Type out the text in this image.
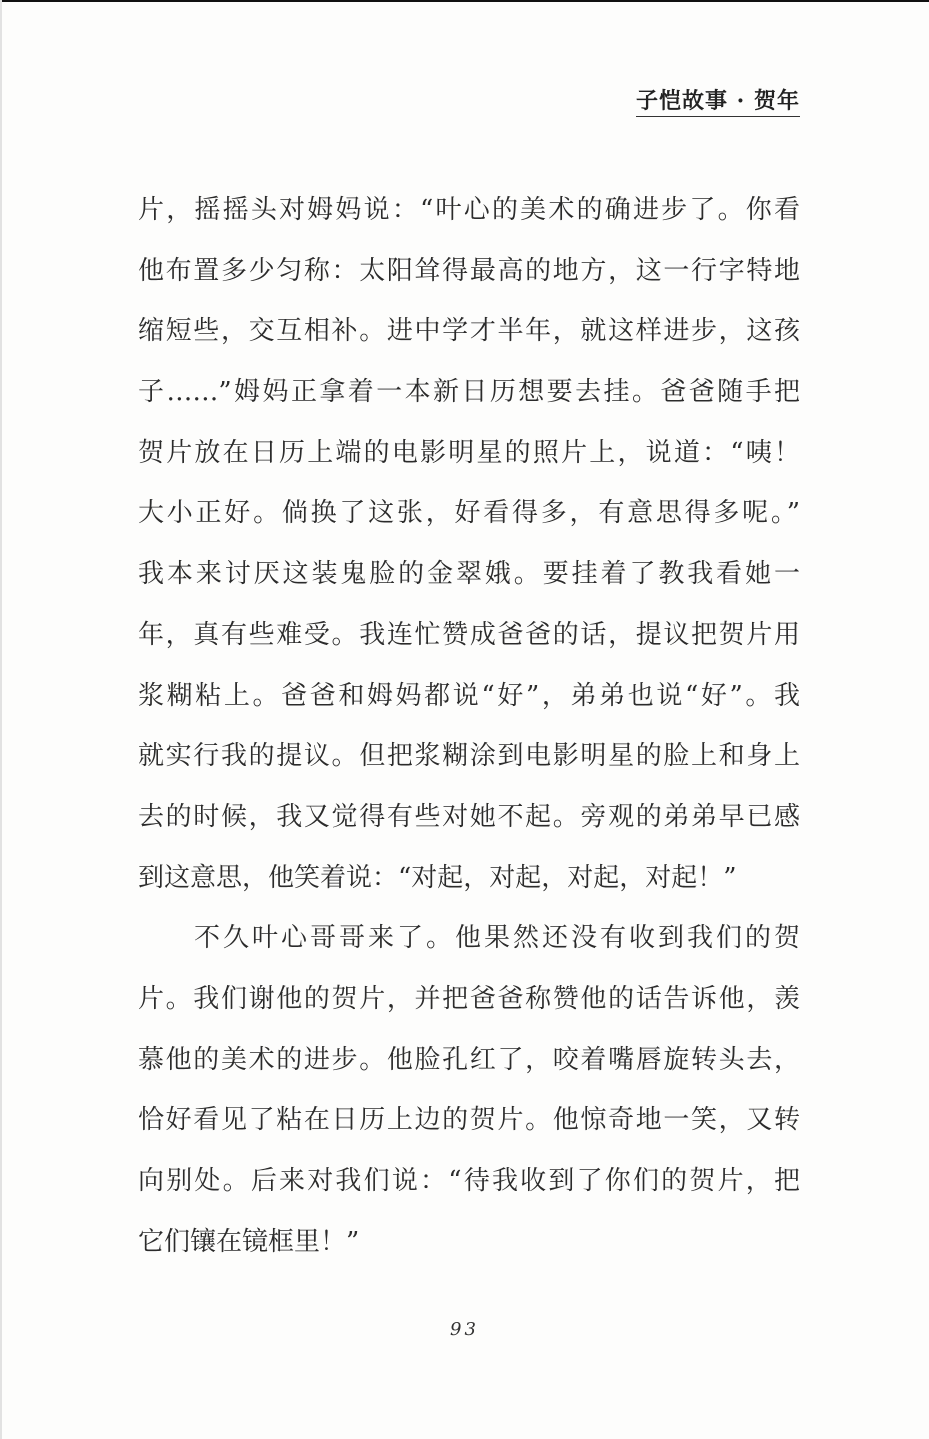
子恺故事 · 贺年
片，摇摇头对姆妈说：“叶心的美术的确进步了。你看
他布置多少匀称：太阳耸得最高的地方，这一行字特地
缩短些，交互相补。进中学才半年，就这样进步，这孩
子……”姆妈正拿着一本新日历想要去挂。爸爸随手把
贺片放在日历上端的电影明星的照片上，说道：“咦！
大小正好。倘换了这张，好看得多，有意思得多呢。”
我本来讨厌这装鬼脸的金翠娥。要挂着了教我看她一
年，真有些难受。我连忙赞成爸爸的话，提议把贺片用
浆糊粘上。爸爸和姆妈都说“好”，弟弟也说“好”。我
就实行我的提议。但把浆糊涂到电影明星的脸上和身上
去的时候，我又觉得有些对她不起。旁观的弟弟早已感
到这意思，他笑着说：“对起，对起，对起，对起！”
不久叶心哥哥来了。他果然还没有收到我们的贺
片。我们谢他的贺片，并把爸爸称赞他的话告诉他，羡
慕他的美术的进步。他脸孔红了，咬着嘴唇旋转头去，
恰好看见了粘在日历上边的贺片。他惊奇地一笑，又转
向别处。后来对我们说：“待我收到了你们的贺片，把
它们镶在镜框里！”
93
